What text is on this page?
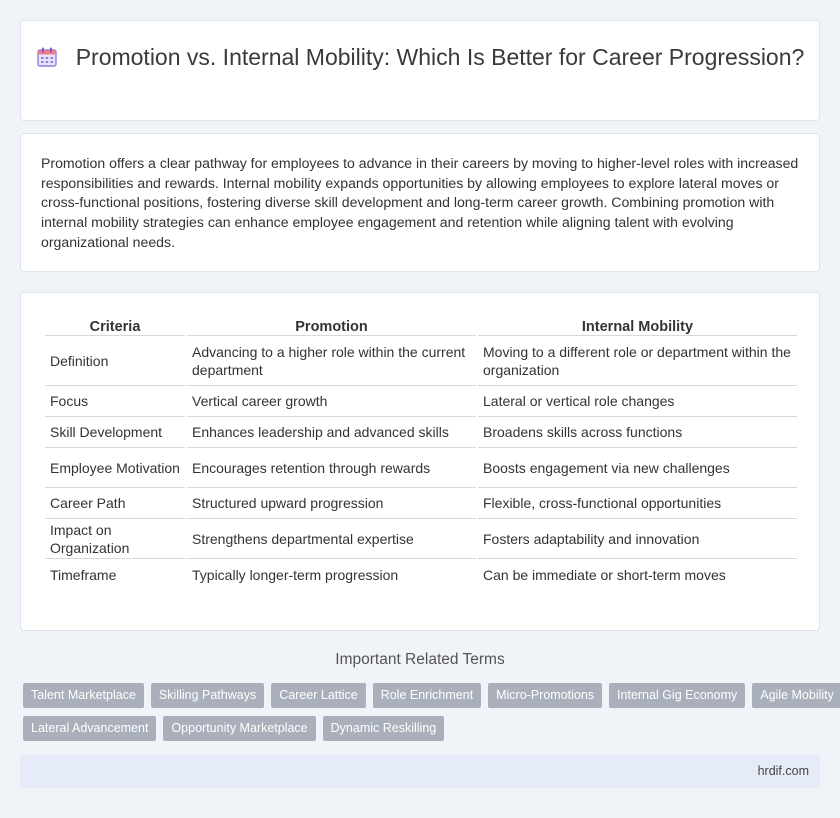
Promotion vs. Internal Mobility: Which Is Better for Career Progression?

Promotion offers a clear pathway for employees to advance in their careers by moving to higher-level roles with increased responsibilities and rewards. Internal mobility expands opportunities by allowing employees to explore lateral moves or cross-functional positions, fostering diverse skill development and long-term career growth. Combining promotion with internal mobility strategies can enhance employee engagement and retention while aligning talent with evolving organizational needs.

Criteria	Promotion	Internal Mobility
Definition	Advancing to a higher role within the current department	Moving to a different role or department within the organization
Focus	Vertical career growth	Lateral or vertical role changes
Skill Development	Enhances leadership and advanced skills	Broadens skills across functions
Employee Motivation	Encourages retention through rewards	Boosts engagement via new challenges
Career Path	Structured upward progression	Flexible, cross-functional opportunities
Impact on Organization	Strengthens departmental expertise	Fosters adaptability and innovation
Timeframe	Typically longer-term progression	Can be immediate or short-term moves
Important Related Terms
Talent Marketplace	Skilling Pathways	Career Lattice	Role Enrichment	Micro-Promotions	Internal Gig Economy	Agile Mobility
Lateral Advancement	Opportunity Marketplace	Dynamic Reskilling
hrdif.com
